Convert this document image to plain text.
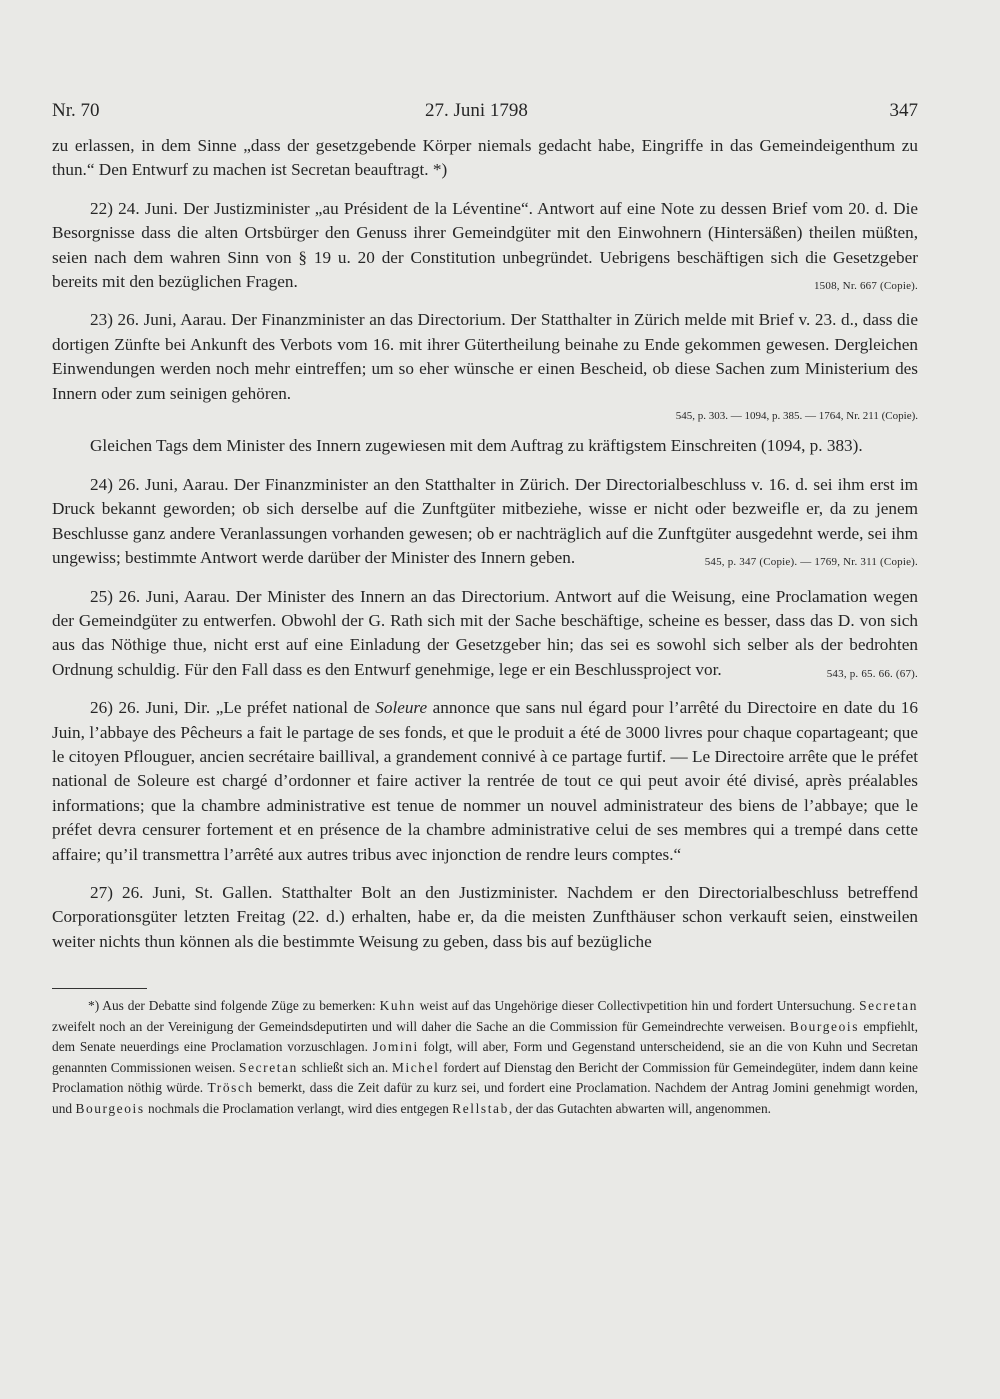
Nr. 70	27. Juni 1798	347

zu erlassen, in dem Sinne „dass der gesetzgebende Körper niemals gedacht habe, Eingriffe in das Gemeindeigenthum zu thun.“ Den Entwurf zu machen ist Secretan beauftragt. *)

22) 24. Juni. Der Justizminister „au Président de la Léventine“. Antwort auf eine Note zu dessen Brief vom 20. d. Die Besorgnisse dass die alten Ortsbürger den Genuss ihrer Gemeindgüter mit den Einwohnern (Hintersäßen) theilen müßten, seien nach dem wahren Sinn von § 19 u. 20 der Constitution unbegründet. Uebrigens beschäftigen sich die Gesetzgeber bereits mit den bezüglichen Fragen.	1508, Nr. 667 (Copie).

23) 26. Juni, Aarau. Der Finanzminister an das Directorium. Der Statthalter in Zürich melde mit Brief v. 23. d., dass die dortigen Zünfte bei Ankunft des Verbots vom 16. mit ihrer Gütertheilung beinahe zu Ende gekommen gewesen. Dergleichen Einwendungen werden noch mehr eintreffen; um so eher wünsche er einen Bescheid, ob diese Sachen zum Ministerium des Innern oder zum seinigen gehören.

545, p. 303. — 1094, p. 385. — 1764, Nr. 211 (Copie).

Gleichen Tags dem Minister des Innern zugewiesen mit dem Auftrag zu kräftigstem Einschreiten (1094, p. 383).

24) 26. Juni, Aarau. Der Finanzminister an den Statthalter in Zürich. Der Directorialbeschluss v. 16. d. sei ihm erst im Druck bekannt geworden; ob sich derselbe auf die Zunftgüter mitbeziehe, wisse er nicht oder bezweifle er, da zu jenem Beschlusse ganz andere Veranlassungen vorhanden gewesen; ob er nachträglich auf die Zunftgüter ausgedehnt werde, sei ihm ungewiss; bestimmte Antwort werde darüber der Minister des Innern geben.	545, p. 347 (Copie). — 1769, Nr. 311 (Copie).

25) 26. Juni, Aarau. Der Minister des Innern an das Directorium. Antwort auf die Weisung, eine Proclamation wegen der Gemeindgüter zu entwerfen. Obwohl der G. Rath sich mit der Sache beschäftige, scheine es besser, dass das D. von sich aus das Nöthige thue, nicht erst auf eine Einladung der Gesetzgeber hin; das sei es sowohl sich selber als der bedrohten Ordnung schuldig. Für den Fall dass es den Entwurf genehmige, lege er ein Beschlussproject vor.	543, p. 65. 66. (67).

26) 26. Juni, Dir. „Le préfet national de Soleure annonce que sans nul égard pour l’arrêté du Directoire en date du 16 Juin, l’abbaye des Pêcheurs a fait le partage de ses fonds, et que le produit a été de 3000 livres pour chaque copartageant; que le citoyen Pflouguer, ancien secrétaire baillival, a grandement connivé à ce partage furtif. — Le Directoire arrête que le préfet national de Soleure est chargé d’ordonner et faire activer la rentrée de tout ce qui peut avoir été divisé, après préalables informations; que la chambre administrative est tenue de nommer un nouvel administrateur des biens de l’abbaye; que le préfet devra censurer fortement et en présence de la chambre administrative celui de ses membres qui a trempé dans cette affaire; qu’il transmettra l’arrêté aux autres tribus avec injonction de rendre leurs comptes.“

27) 26. Juni, St. Gallen. Statthalter Bolt an den Justizminister. Nachdem er den Directorialbeschluss betreffend Corporationsgüter letzten Freitag (22. d.) erhalten, habe er, da die meisten Zunfthäuser schon verkauft seien, einstweilen weiter nichts thun können als die bestimmte Weisung zu geben, dass bis auf bezügliche

*) Aus der Debatte sind folgende Züge zu bemerken: Kuhn weist auf das Ungehörige dieser Collectivpetition hin und fordert Untersuchung. Secretan zweifelt noch an der Vereinigung der Gemeindsdeputirten und will daher die Sache an die Commission für Gemeindrechte verweisen. Bourgeois empfiehlt, dem Senate neuerdings eine Proclamation vorzuschlagen. Jomini folgt, will aber, Form und Gegenstand unterscheidend, sie an die von Kuhn und Secretan genannten Commissionen weisen. Secretan schließt sich an. Michel fordert auf Dienstag den Bericht der Commission für Gemeindegüter, indem dann keine Proclamation nöthig würde. Trösch bemerkt, dass die Zeit dafür zu kurz sei, und fordert eine Proclamation. Nachdem der Antrag Jomini genehmigt worden, und Bourgeois nochmals die Proclamation verlangt, wird dies entgegen Rellstab, der das Gutachten abwarten will, angenommen.
